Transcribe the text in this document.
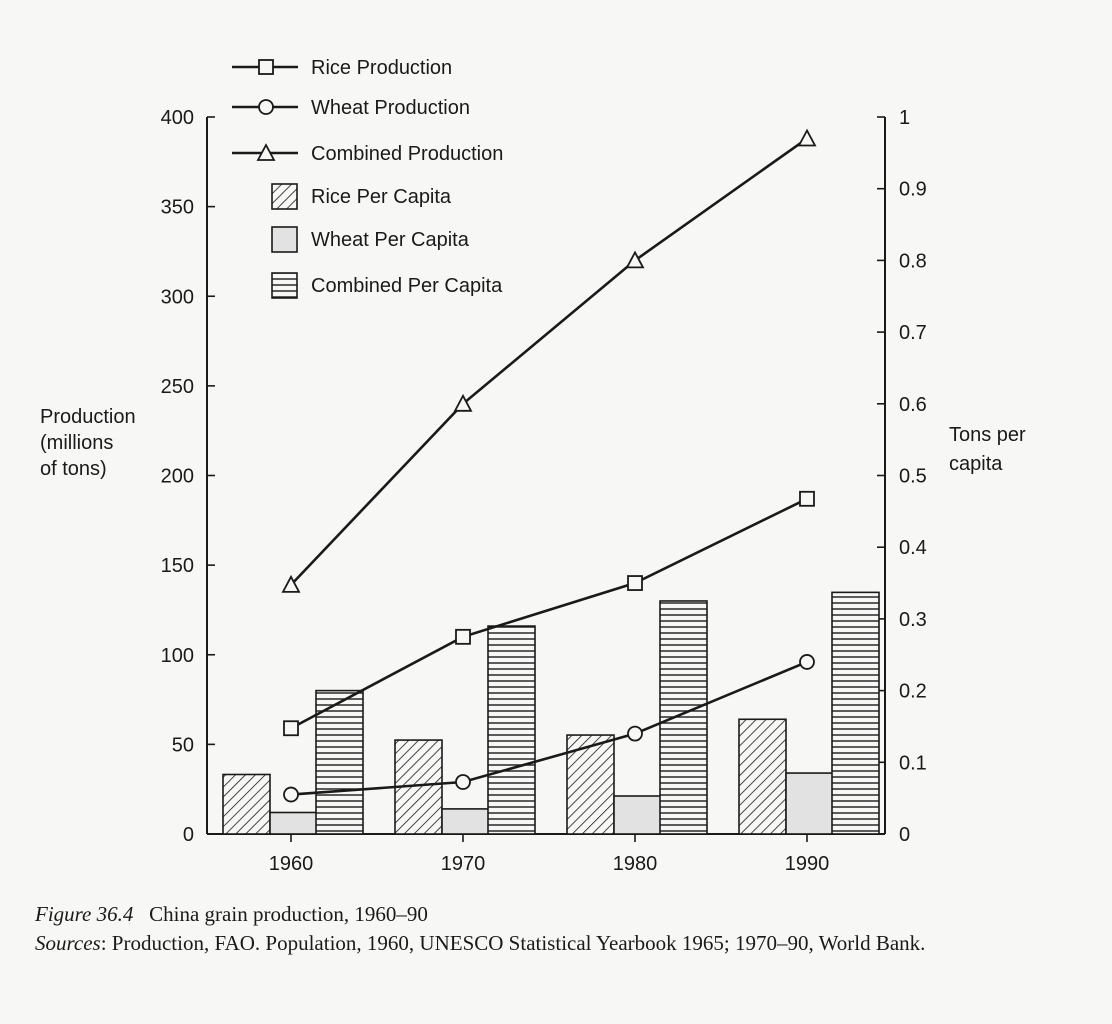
0
50
100
150
200
250
300
350
400
0
0.1
0.2
0.3
0.4
0.5
0.6
0.7
0.8
0.9
1
1960	1970	1980	1990
Production
(millions
of tons)
Tons per
capita
Rice Production
Wheat Production
Combined Production
Rice Per Capita
Wheat Per Capita
Combined Per Capita
Figure 36.4 China grain production, 1960–90
Sources: Production, FAO. Population, 1960, UNESCO Statistical Yearbook 1965; 1970–90, World Bank.
